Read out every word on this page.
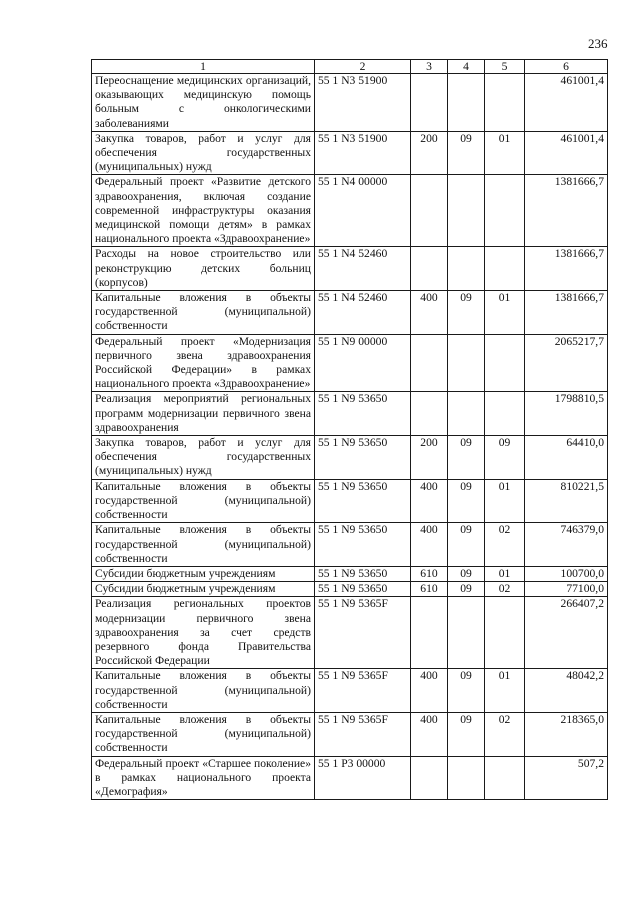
236
1	2	3	4	5	6
Переоснащение медицинских организаций, оказывающих медицинскую помощь больным с онкологическими заболеваниями	55 1 N3 51900				461001,4
Закупка товаров, работ и услуг для обеспечения государственных (муниципальных) нужд	55 1 N3 51900	200	09	01	461001,4
Федеральный проект «Развитие детского здравоохранения, включая создание современной инфраструктуры оказания медицинской помощи детям» в рамках национального проекта «Здравоохранение»	55 1 N4 00000				1381666,7
Расходы на новое строительство или реконструкцию детских больниц (корпусов)	55 1 N4 52460				1381666,7
Капитальные вложения в объекты государственной (муниципальной) собственности	55 1 N4 52460	400	09	01	1381666,7
Федеральный проект «Модернизация первичного звена здравоохранения Российской Федерации» в рамках национального проекта «Здравоохранение»	55 1 N9 00000				2065217,7
Реализация мероприятий региональных программ модернизации первичного звена здравоохранения	55 1 N9 53650				1798810,5
Закупка товаров, работ и услуг для обеспечения государственных (муниципальных) нужд	55 1 N9 53650	200	09	09	64410,0
Капитальные вложения в объекты государственной (муниципальной) собственности	55 1 N9 53650	400	09	01	810221,5
Капитальные вложения в объекты государственной (муниципальной) собственности	55 1 N9 53650	400	09	02	746379,0
Субсидии бюджетным учреждениям	55 1 N9 53650	610	09	01	100700,0
Субсидии бюджетным учреждениям	55 1 N9 53650	610	09	02	77100,0
Реализация региональных проектов модернизации первичного звена здравоохранения за счет средств резервного фонда Правительства Российской Федерации	55 1 N9 5365F				266407,2
Капитальные вложения в объекты государственной (муниципальной) собственности	55 1 N9 5365F	400	09	01	48042,2
Капитальные вложения в объекты государственной (муниципальной) собственности	55 1 N9 5365F	400	09	02	218365,0
Федеральный проект «Старшее поколение» в рамках национального проекта «Демография»	55 1 P3 00000				507,2
